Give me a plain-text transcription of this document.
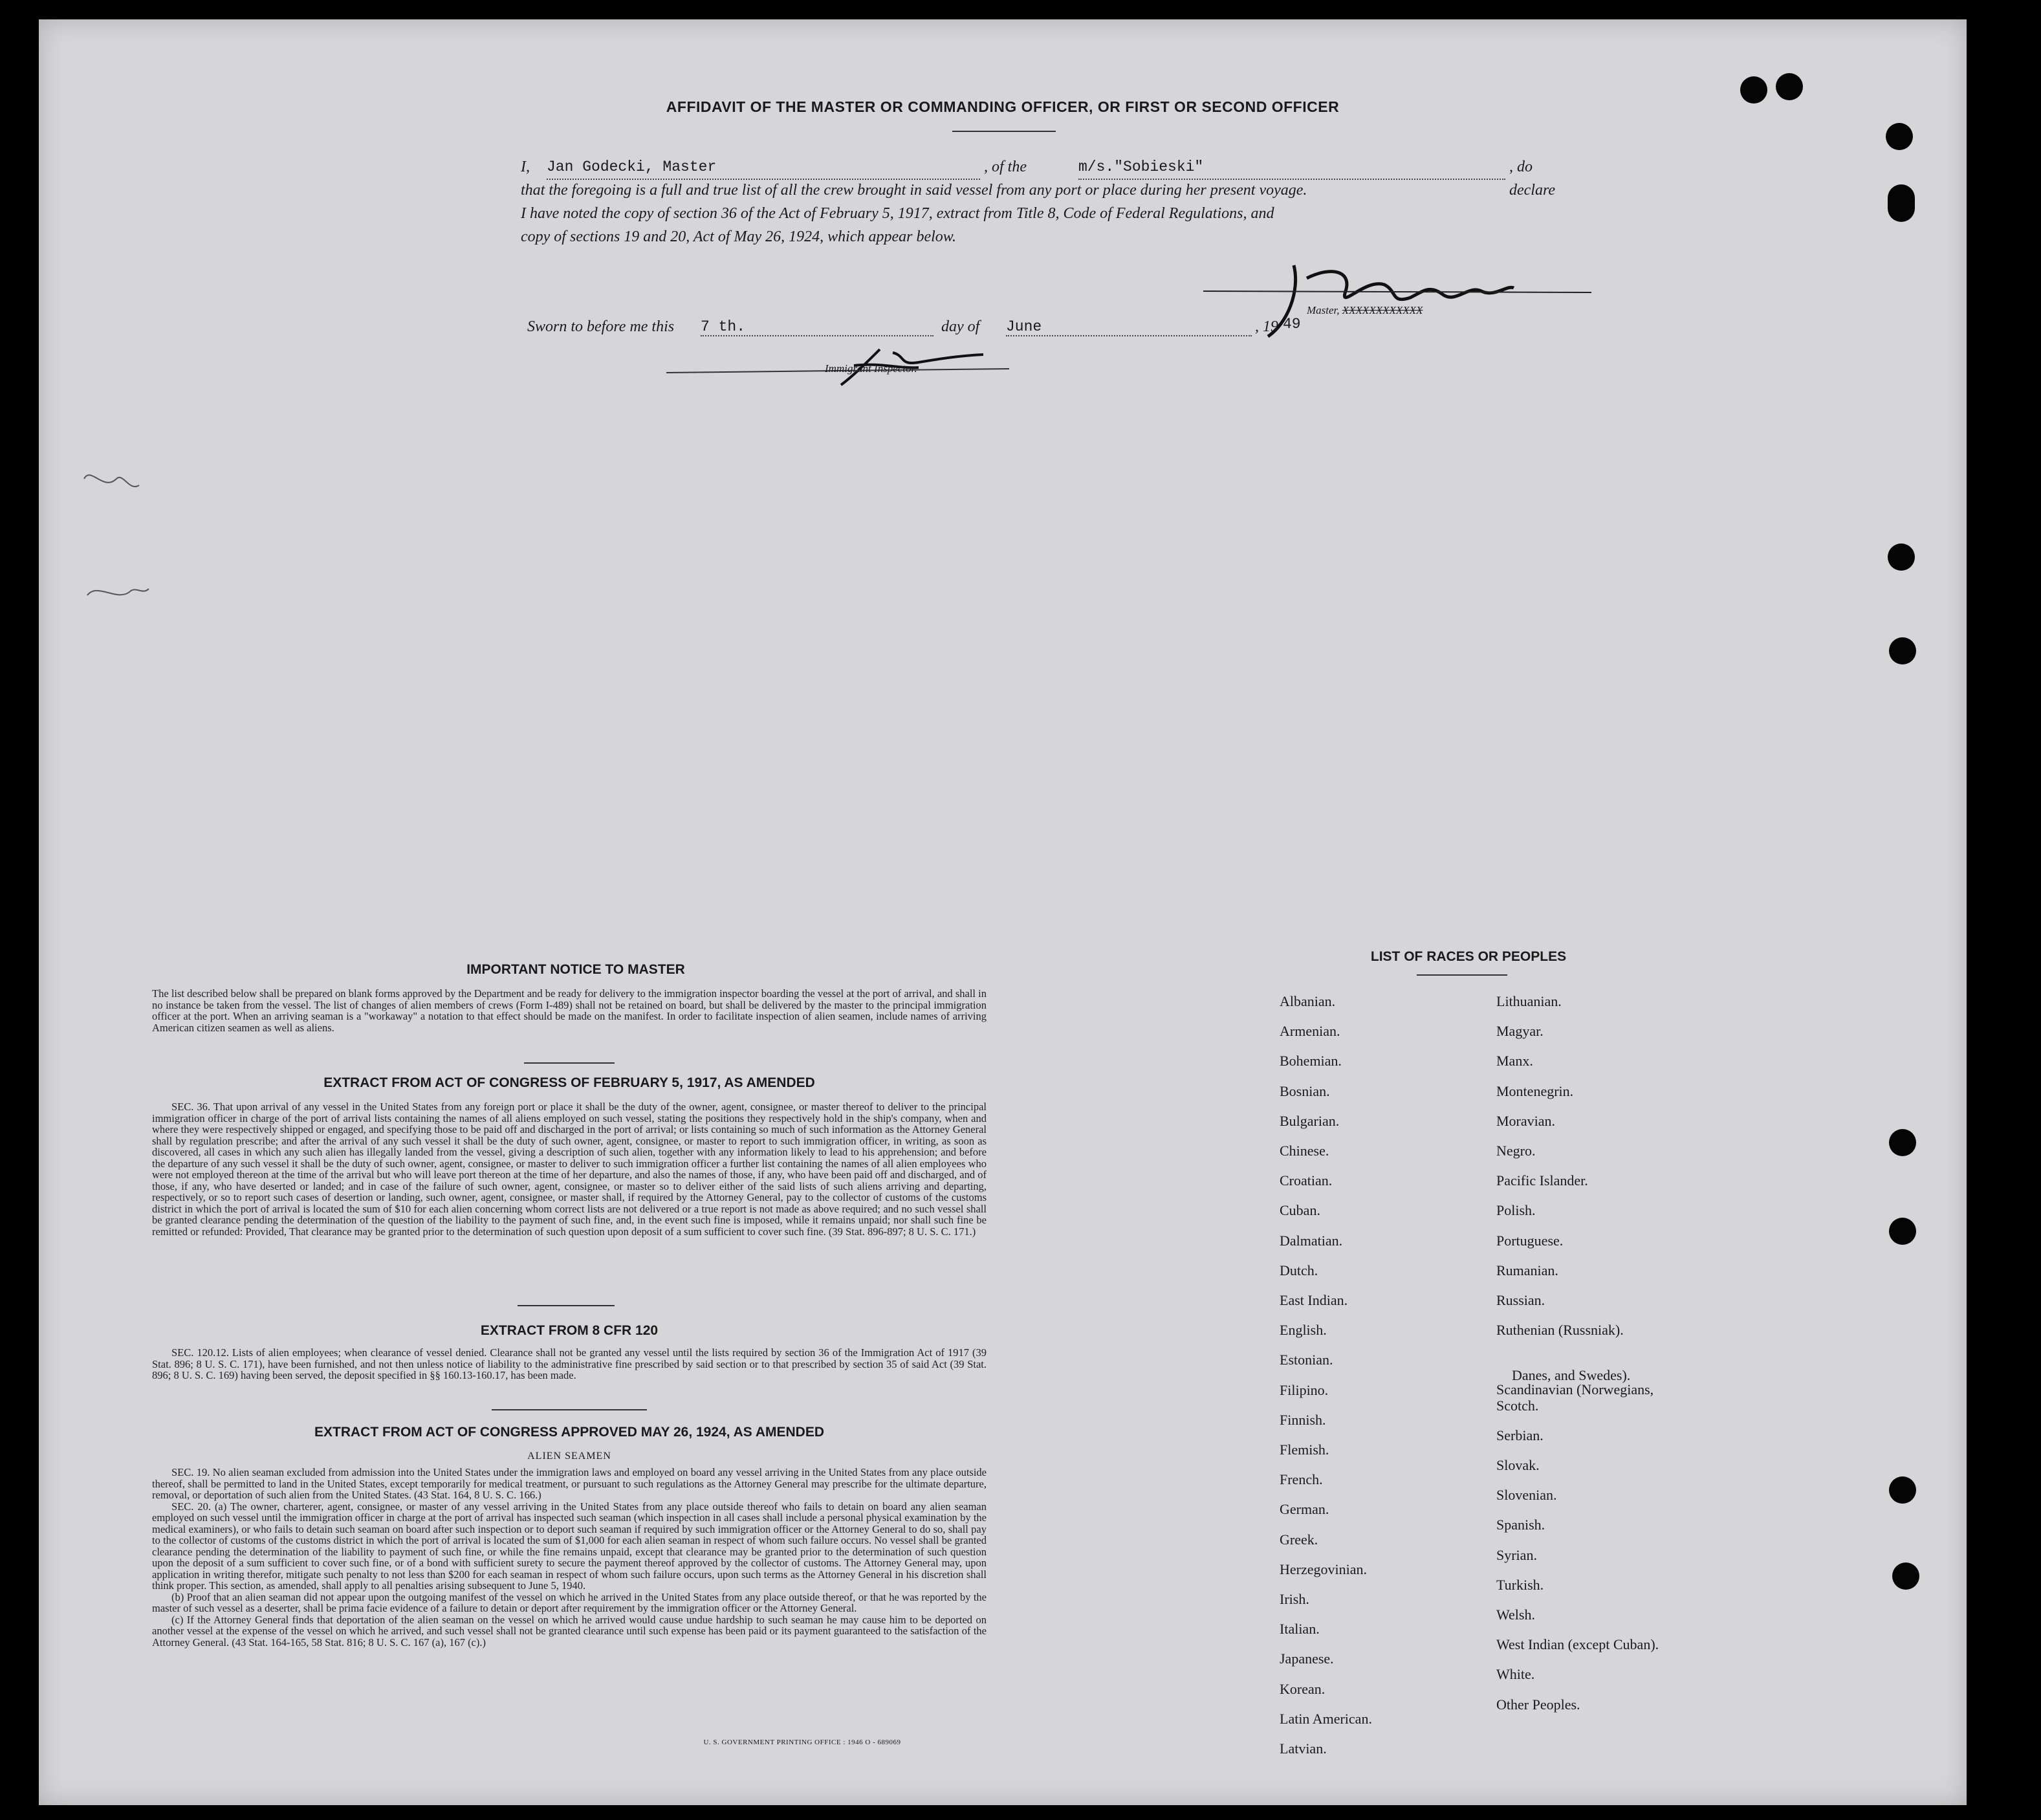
AFFIDAVIT OF THE MASTER OR COMMANDING OFFICER, OR FIRST OR SECOND OFFICER
I, Jan Godecki, Master	, of the	m/s."Sobieski"	, do declare
that the foregoing is a full and true list of all the crew brought in said vessel from any port or place during her present voyage.
I have noted the copy of section 36 of the Act of February 5, 1917, extract from Title 8, Code of Federal Regulations, and
copy of sections 19 and 20, Act of May 26, 1924, which appear below.
Master, XXXXXXXXXXXX
Sworn to before me this 7 th.	day of June	, 19 49
Immigrant Inspector.
IMPORTANT NOTICE TO MASTER
The list described below shall be prepared on blank forms approved by the Department and be ready for delivery to the immigration inspector boarding the vessel at the port of arrival, and shall in no instance be taken from the vessel. The list of changes of alien members of crews (Form I-489) shall not be retained on board, but shall be delivered by the master to the principal immigration officer at the port. When an arriving seaman is a "workaway" a notation to that effect should be made on the manifest. In order to facilitate inspection of alien seamen, include names of arriving American citizen seamen as well as aliens.
EXTRACT FROM ACT OF CONGRESS OF FEBRUARY 5, 1917, AS AMENDED
SEC. 36. That upon arrival of any vessel in the United States from any foreign port or place it shall be the duty of the owner, agent, consignee, or master thereof to deliver to the principal immigration officer in charge of the port of arrival lists containing the names of all aliens employed on such vessel, stating the positions they respectively hold in the ship's company, when and where they were respectively shipped or engaged, and specifying those to be paid off and discharged in the port of arrival; or lists containing so much of such information as the Attorney General shall by regulation prescribe; and after the arrival of any such vessel it shall be the duty of such owner, agent, consignee, or master to report to such immigration officer, in writing, as soon as discovered, all cases in which any such alien has illegally landed from the vessel, giving a description of such alien, together with any information likely to lead to his apprehension; and before the departure of any such vessel it shall be the duty of such owner, agent, consignee, or master to deliver to such immigration officer a further list containing the names of all alien employees who were not employed thereon at the time of the arrival but who will leave port thereon at the time of her departure, and also the names of those, if any, who have been paid off and discharged, and of those, if any, who have deserted or landed; and in case of the failure of such owner, agent, consignee, or master so to deliver either of the said lists of such aliens arriving and departing, respectively, or so to report such cases of desertion or landing, such owner, agent, consignee, or master shall, if required by the Attorney General, pay to the collector of customs of the customs district in which the port of arrival is located the sum of $10 for each alien concerning whom correct lists are not delivered or a true report is not made as above required; and no such vessel shall be granted clearance pending the determination of the question of the liability to the payment of such fine, and, in the event such fine is imposed, while it remains unpaid; nor shall such fine be remitted or refunded: Provided, That clearance may be granted prior to the determination of such question upon deposit of a sum sufficient to cover such fine. (39 Stat. 896-897; 8 U. S. C. 171.)
EXTRACT FROM 8 CFR 120
SEC. 120.12. Lists of alien employees; when clearance of vessel denied. Clearance shall not be granted any vessel until the lists required by section 36 of the Immigration Act of 1917 (39 Stat. 896; 8 U. S. C. 171), have been furnished, and not then unless notice of liability to the administrative fine prescribed by said section or to that prescribed by section 35 of said Act (39 Stat. 896; 8 U. S. C. 169) having been served, the deposit specified in §§ 160.13-160.17, has been made.
EXTRACT FROM ACT OF CONGRESS APPROVED MAY 26, 1924, AS AMENDED
ALIEN SEAMEN
SEC. 19. No alien seaman excluded from admission into the United States under the immigration laws and employed on board any vessel arriving in the United States from any place outside thereof, shall be permitted to land in the United States, except temporarily for medical treatment, or pursuant to such regulations as the Attorney General may prescribe for the ultimate departure, removal, or deportation of such alien from the United States. (43 Stat. 164, 8 U. S. C. 166.)
SEC. 20. (a) The owner, charterer, agent, consignee, or master of any vessel arriving in the United States from any place outside thereof who fails to detain on board any alien seaman employed on such vessel until the immigration officer in charge at the port of arrival has inspected such seaman (which inspection in all cases shall include a personal physical examination by the medical examiners), or who fails to detain such seaman on board after such inspection or to deport such seaman if required by such immigration officer or the Attorney General to do so, shall pay to the collector of customs of the customs district in which the port of arrival is located the sum of $1,000 for each alien seaman in respect of whom such failure occurs. No vessel shall be granted clearance pending the determination of the liability to payment of such fine, or while the fine remains unpaid, except that clearance may be granted prior to the determination of such question upon the deposit of a sum sufficient to cover such fine, or of a bond with sufficient surety to secure the payment thereof approved by the collector of customs. The Attorney General may, upon application in writing therefor, mitigate such penalty to not less than $200 for each seaman in respect of whom such failure occurs, upon such terms as the Attorney General in his discretion shall think proper. This section, as amended, shall apply to all penalties arising subsequent to June 5, 1940.
(b) Proof that an alien seaman did not appear upon the outgoing manifest of the vessel on which he arrived in the United States from any place outside thereof, or that he was reported by the master of such vessel as a deserter, shall be prima facie evidence of a failure to detain or deport after requirement by the immigration officer or the Attorney General.
(c) If the Attorney General finds that deportation of the alien seaman on the vessel on which he arrived would cause undue hardship to such seaman he may cause him to be deported on another vessel at the expense of the vessel on which he arrived, and such vessel shall not be granted clearance until such expense has been paid or its payment guaranteed to the satisfaction of the Attorney General. (43 Stat. 164-165, 58 Stat. 816; 8 U. S. C. 167 (a), 167 (c).)
U. S. GOVERNMENT PRINTING OFFICE : 1946 O - 689069
LIST OF RACES OR PEOPLES
Albanian.
Armenian.
Bohemian.
Bosnian.
Bulgarian.
Chinese.
Croatian.
Cuban.
Dalmatian.
Dutch.
East Indian.
English.
Estonian.
Filipino.
Finnish.
Flemish.
French.
German.
Greek.
Herzegovinian.
Irish.
Italian.
Japanese.
Korean.
Latin American.
Latvian.
Lithuanian.
Magyar.
Manx.
Montenegrin.
Moravian.
Negro.
Pacific Islander.
Polish.
Portuguese.
Rumanian.
Russian.
Ruthenian (Russniak).
Scandinavian (Norwegians,
Danes, and Swedes).
Scotch.
Serbian.
Slovak.
Slovenian.
Spanish.
Syrian.
Turkish.
Welsh.
West Indian (except Cuban).
White.
Other Peoples.
